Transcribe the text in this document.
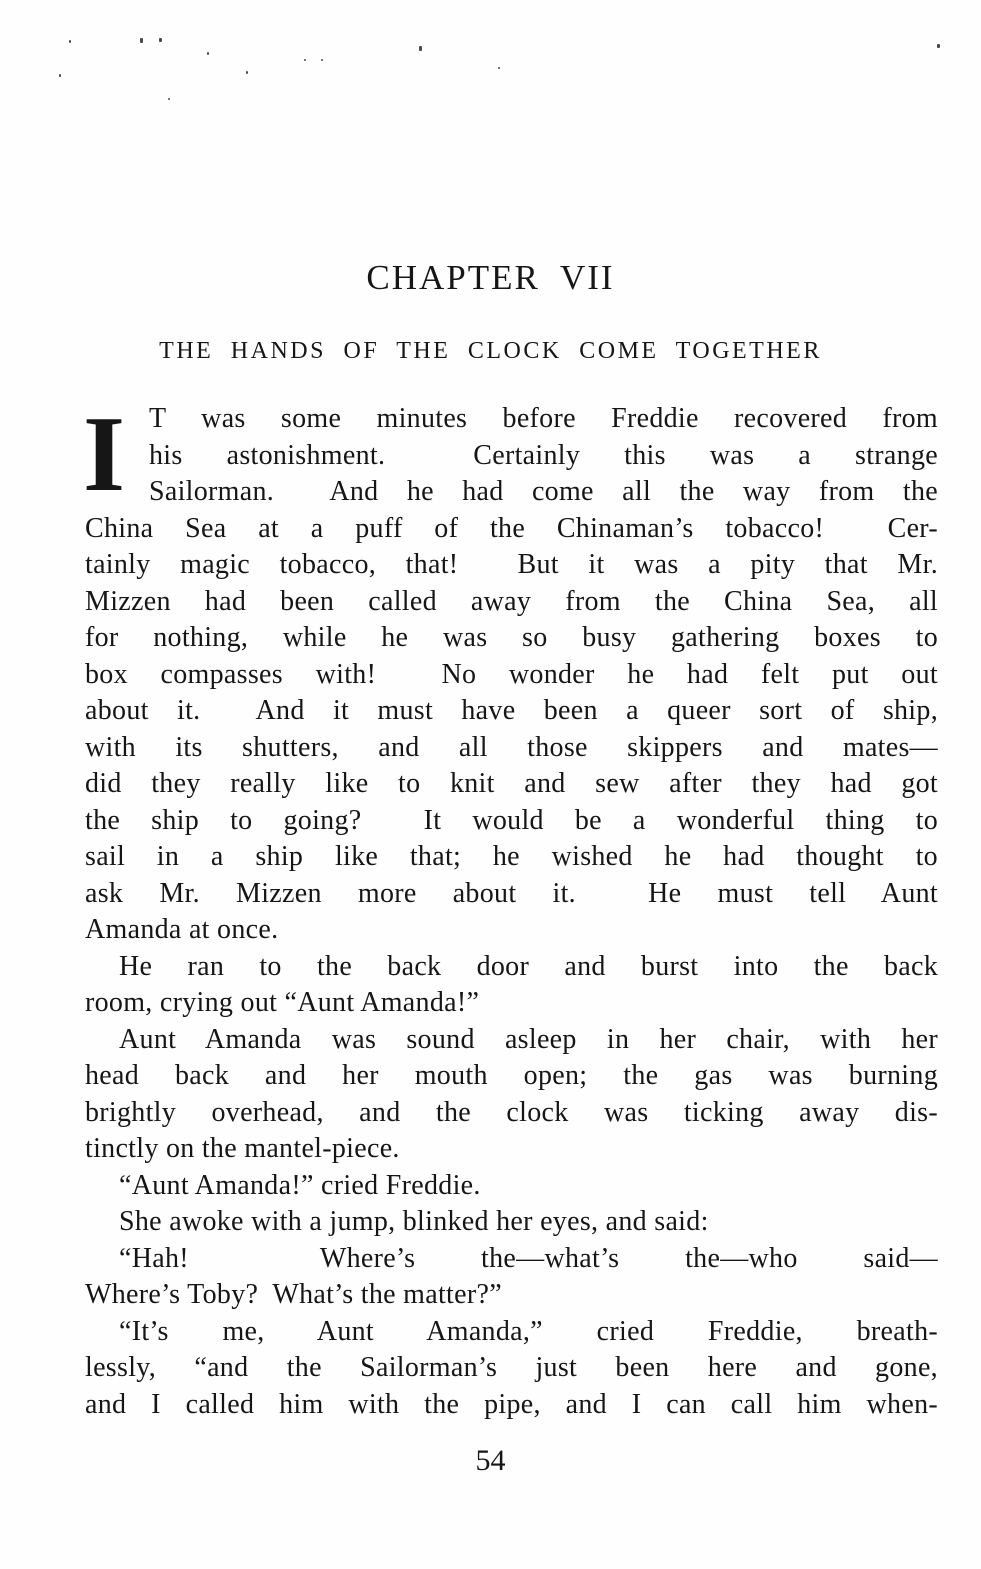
CHAPTER VII
THE HANDS OF THE CLOCK COME TOGETHER
I T was some minutes before Freddie recovered from
his astonishment.  Certainly this was a strange
Sailorman.  And he had come all the way from the
China Sea at a puff of the Chinaman’s tobacco!  Cer-
tainly magic tobacco, that!  But it was a pity that Mr.
Mizzen had been called away from the China Sea, all
for nothing, while he was so busy gathering boxes to
box compasses with!  No wonder he had felt put out
about it.  And it must have been a queer sort of ship,
with its shutters, and all those skippers and mates—
did they really like to knit and sew after they had got
the ship to going?  It would be a wonderful thing to
sail in a ship like that; he wished he had thought to
ask Mr. Mizzen more about it.  He must tell Aunt
Amanda at once.
He ran to the back door and burst into the back
room, crying out “Aunt Amanda!”
Aunt Amanda was sound asleep in her chair, with her
head back and her mouth open; the gas was burning
brightly overhead, and the clock was ticking away dis-
tinctly on the mantel-piece.
“Aunt Amanda!” cried Freddie.
She awoke with a jump, blinked her eyes, and said:
“Hah!  Where’s the—what’s the—who said—
Where’s Toby?  What’s the matter?”
“It’s me, Aunt Amanda,” cried Freddie, breath-
lessly, “and the Sailorman’s just been here and gone,
and I called him with the pipe, and I can call him when-
54
